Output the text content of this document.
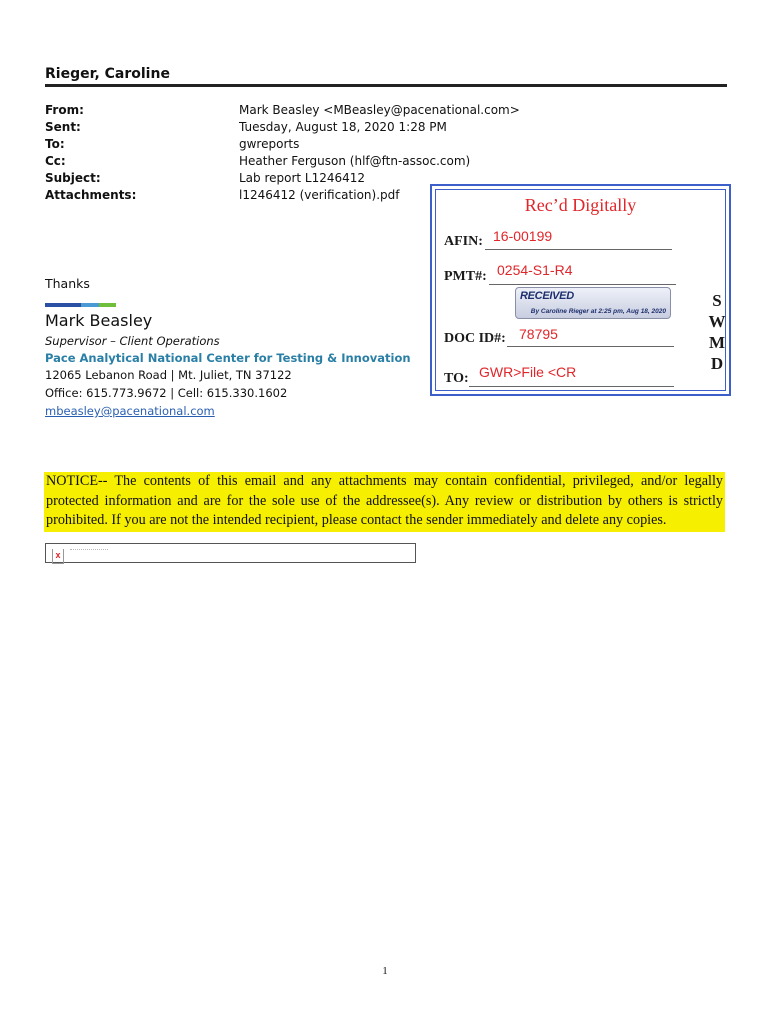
Rieger, Caroline
From:	Mark Beasley <MBeasley@pacenational.com>
Sent:	Tuesday, August 18, 2020 1:28 PM
To:	gwreports
Cc:	Heather Ferguson (hlf@ftn-assoc.com)
Subject:	Lab report L1246412
Attachments:	l1246412 (verification).pdf
Thanks
Mark Beasley
Supervisor – Client Operations
Pace Analytical National Center for Testing & Innovation
12065 Lebanon Road | Mt. Juliet, TN 37122
Office: 615.773.9672 | Cell: 615.330.1602
mbeasley@pacenational.com
Rec’d Digitally
AFIN: 16-00199
PMT#: 0254-S1-R4
RECEIVED
By Caroline Rieger at 2:25 pm, Aug 18, 2020
DOC ID#: 78795
TO: GWR>File <CR
S
W
M
D
NOTICE-- The contents of this email and any attachments may contain confidential, privileged, and/or legally protected information and are for the sole use of the addressee(s). Any review or distribution by others is strictly prohibited. If you are not the intended recipient, please contact the sender immediately and delete any copies.
x
1
